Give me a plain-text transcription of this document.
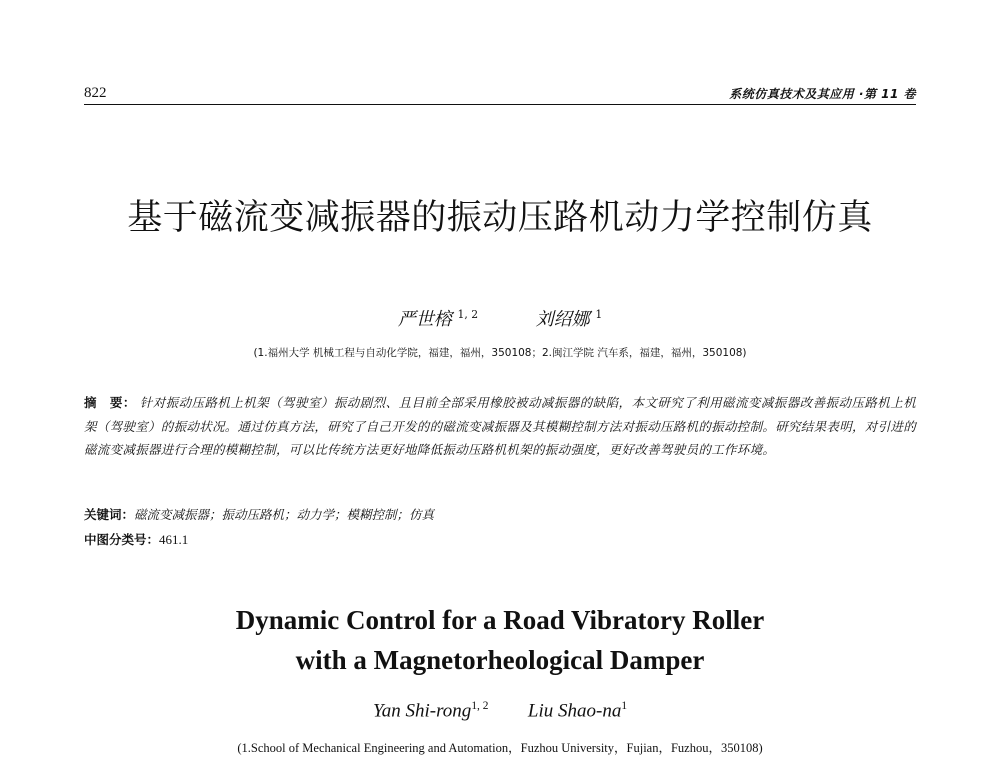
822	系统仿真技术及其应用 ·第 11 卷
基于磁流变减振器的振动压路机动力学控制仿真
严世榕 $^{1, 2}$	刘绍娜 $^1$
(1.福州大学 机械工程与自动化学院，福建，福州，350108；2.闽江学院 汽车系，福建，福州，350108)
摘　要： 针对振动压路机上机架（驾驶室）振动剧烈、且目前全部采用橡胶被动减振器的缺陷，本文研究了利用磁流变减振器改善振动压路机上机架（驾驶室）的振动状况。通过仿真方法，研究了自己开发的的磁流变减振器及其模糊控制方法对振动压路机的振动控制。研究结果表明，对引进的磁流变减振器进行合理的模糊控制，可以比传统方法更好地降低振动压路机机架的振动强度，更好改善驾驶员的工作环境。
关键词：磁流变减振器；振动压路机；动力学；模糊控制；仿真
中图分类号：461.1
Dynamic Control for a Road Vibratory Roller
with a Magnetorheological Damper
Yan Shi-rong$^{1, 2}$ Liu Shao-$na^1$
(1.School of Mechanical Engineering and Automation，Fuzhou University，Fujian，Fuzhou，350108)
